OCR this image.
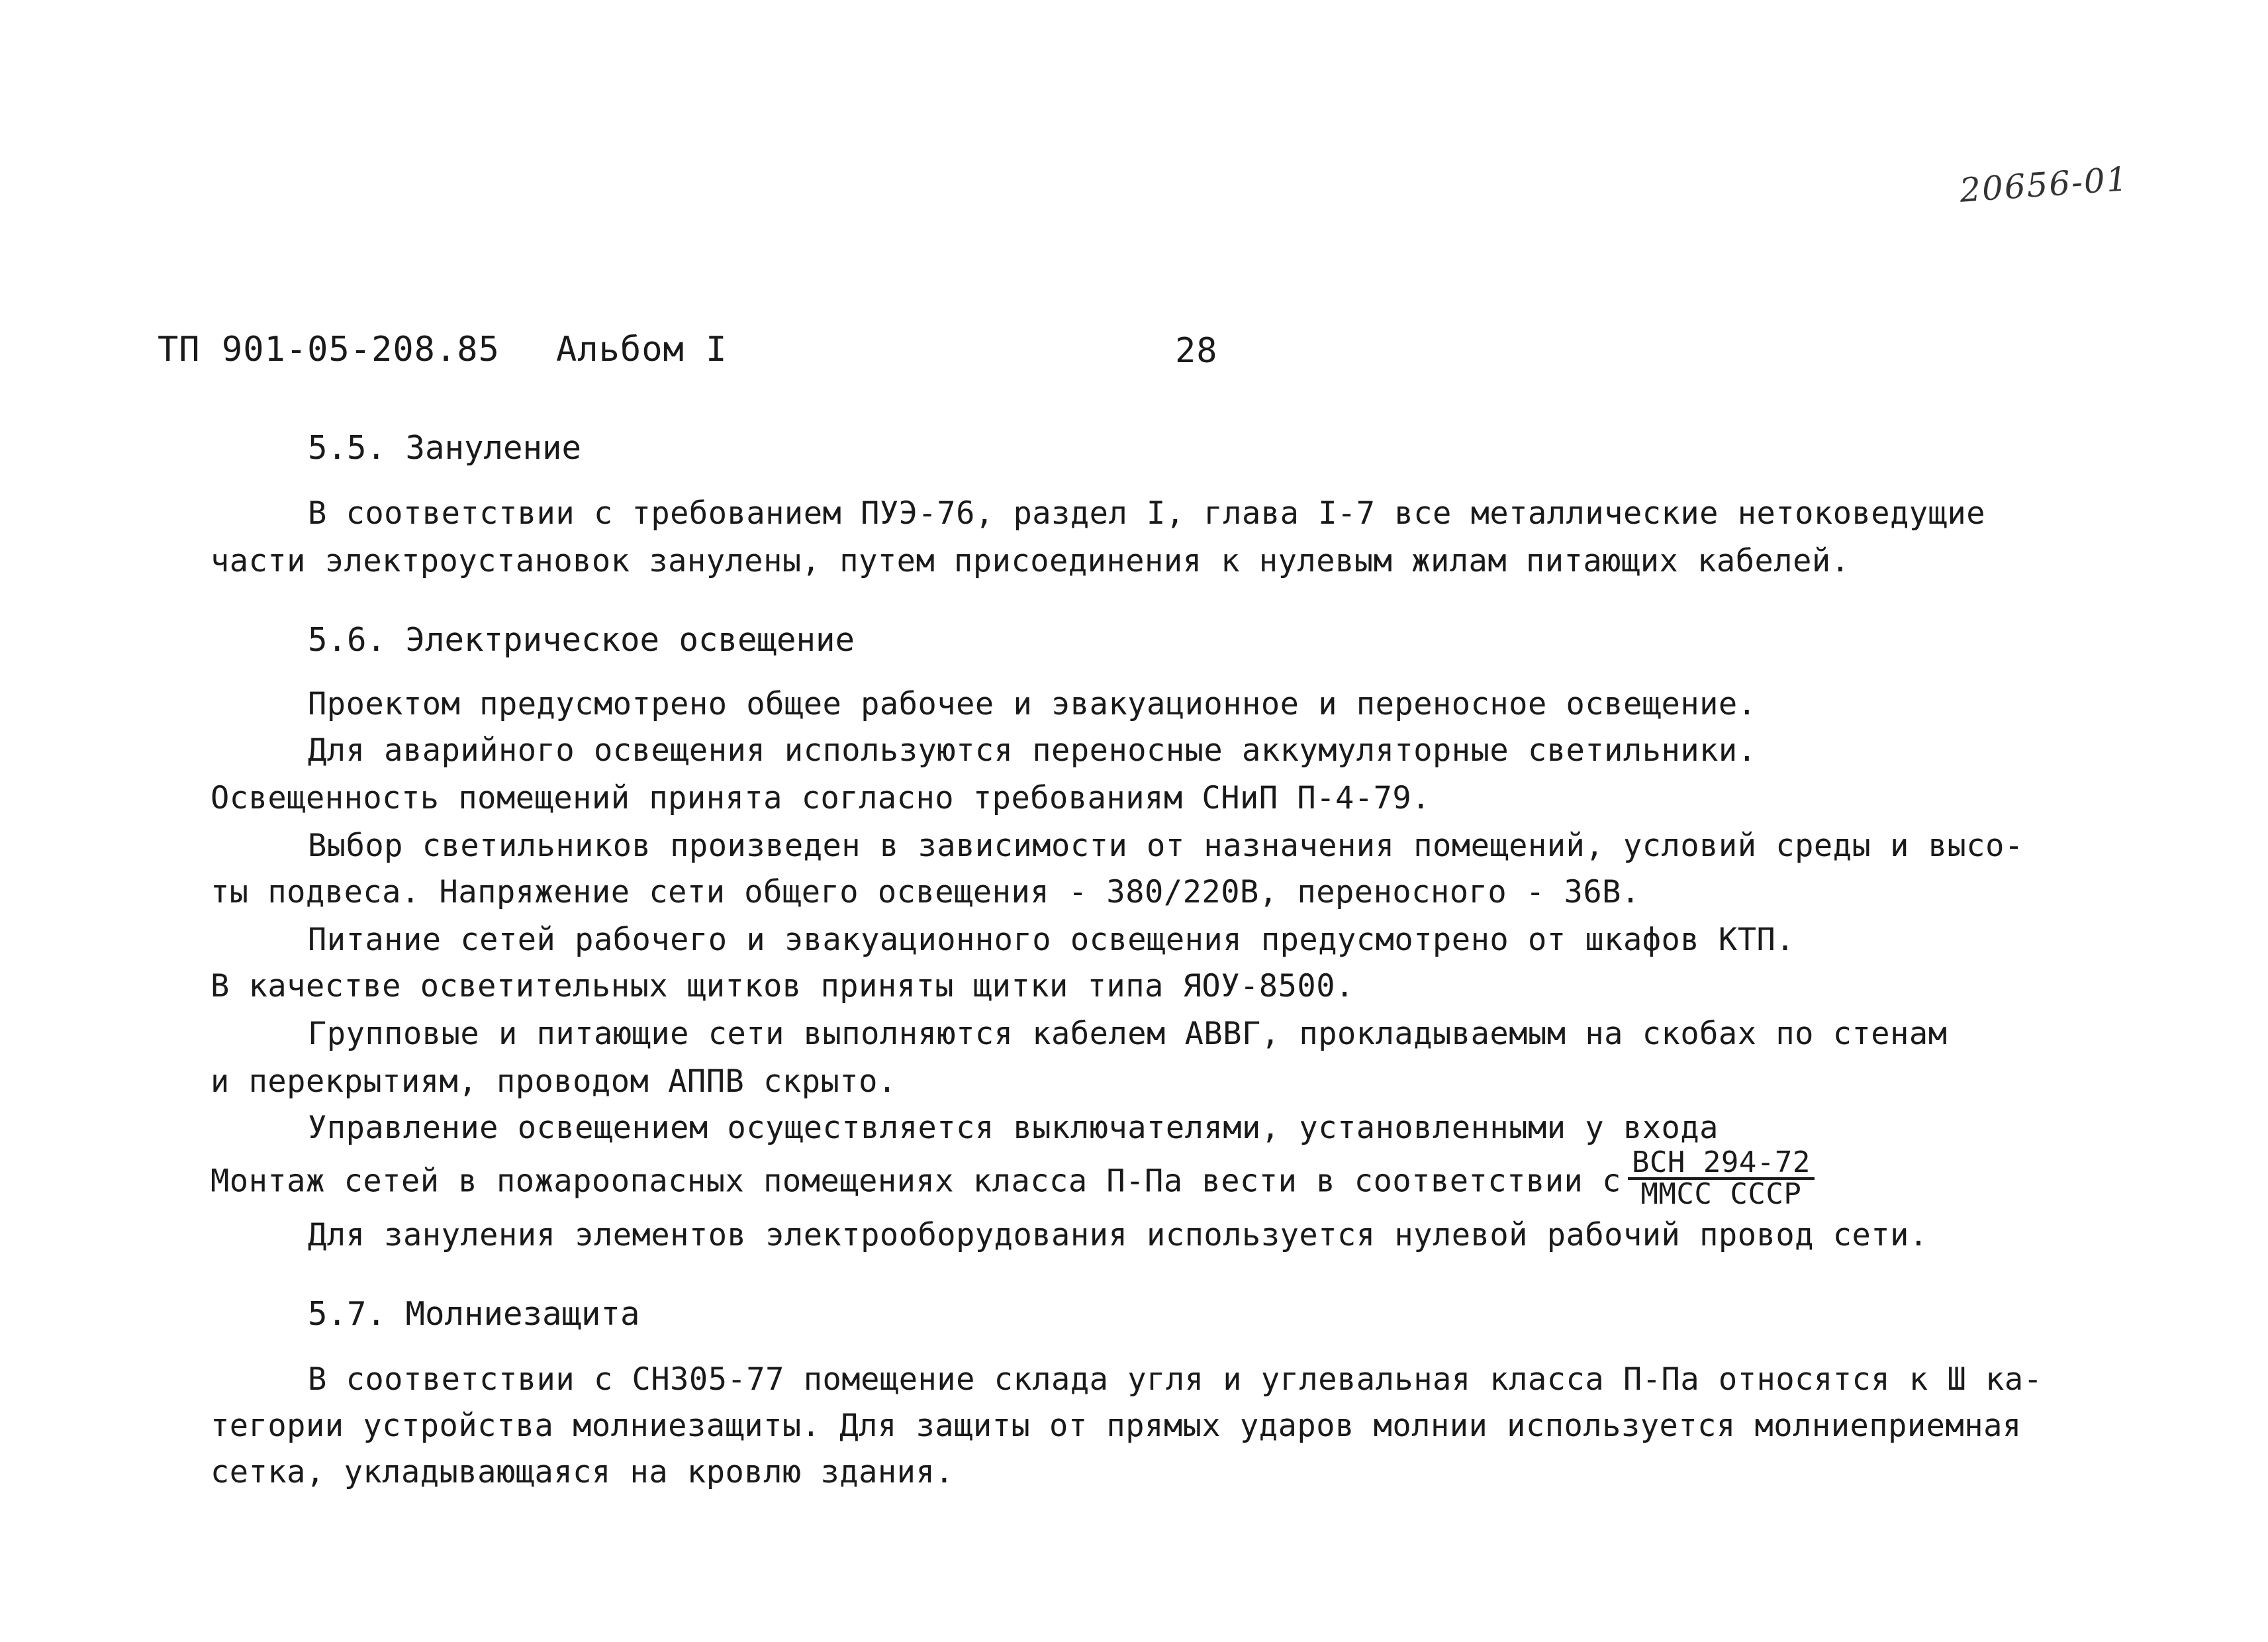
20656-01
ТП 901-05-208.85 Альбом I	28
5.5. Зануление
В соответствии с требованием ПУЭ-76, раздел I, глава I-7 все металлические нетоковедущие
части электроустановок занулены, путем присоединения к нулевым жилам питающих кабелей.
5.6. Электрическое освещение
Проектом предусмотрено общее рабочее и эвакуационное и переносное освещение.
Для аварийного освещения используются переносные аккумуляторные светильники.
Освещенность помещений принята согласно требованиям СНиП П-4-79.
Выбор светильников произведен в зависимости от назначения помещений, условий среды и высо-
ты подвеса. Напряжение сети общего освещения - 380/220В, переносного - 36В.
Питание сетей рабочего и эвакуационного освещения предусмотрено от шкафов КТП.
В качестве осветительных щитков приняты щитки типа ЯОУ-8500.
Групповые и питающие сети выполняются кабелем АВВГ, прокладываемым на скобах по стенам
и перекрытиям, проводом АППВ скрыто.
Управление освещением осуществляется выключателями, установленными у входа
Монтаж сетей в пожароопасных помещениях класса П-Па вести в соответствии с $\frac{\text{ВСН 294-72}}{\text{ММСС СССР}}$
Для зануления элементов электрооборудования используется нулевой рабочий провод сети.
5.7. Молниезащита
В соответствии с СН305-77 помещение склада угля и углевальная класса П-Па относятся к Ш ка-
тегории устройства молниезащиты. Для защиты от прямых ударов молнии используется молниеприемная
сетка, укладывающаяся на кровлю здания.
